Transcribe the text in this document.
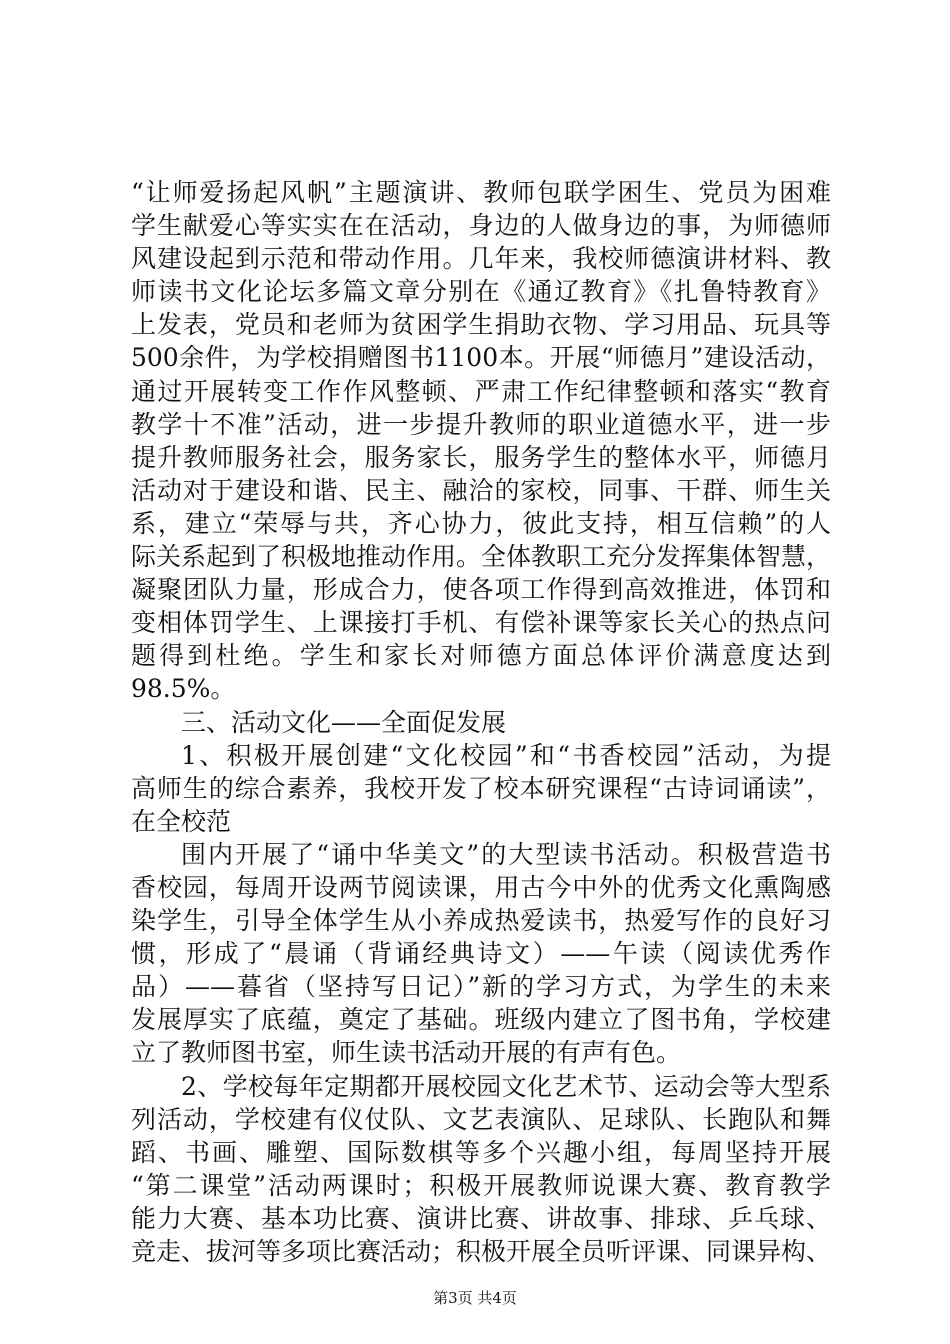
“让师爱扬起风帆”主题演讲、教师包联学困生、党员为困难
学生献爱心等实实在在活动，身边的人做身边的事，为师德师
风建设起到示范和带动作用。几年来，我校师德演讲材料、教
师读书文化论坛多篇文章分别在《通辽教育》《扎鲁特教育》
上发表，党员和老师为贫困学生捐助衣物、学习用品、玩具等
500余件，为学校捐赠图书1100本。开展“师德月”建设活动，
通过开展转变工作作风整顿、严肃工作纪律整顿和落实“教育
教学十不准”活动，进一步提升教师的职业道德水平，进一步
提升教师服务社会，服务家长，服务学生的整体水平，师德月
活动对于建设和谐、民主、融洽的家校，同事、干群、师生关
系，建立“荣辱与共，齐心协力，彼此支持，相互信赖”的人
际关系起到了积极地推动作用。全体教职工充分发挥集体智慧，
凝聚团队力量，形成合力，使各项工作得到高效推进，体罚和
变相体罚学生、上课接打手机、有偿补课等家长关心的热点问
题得到杜绝。学生和家长对师德方面总体评价满意度达到
98.5%。
三、活动文化——全面促发展
1、积极开展创建“文化校园”和“书香校园”活动，为提
高师生的综合素养，我校开发了校本研究课程“古诗词诵读”，
在全校范
围内开展了“诵中华美文”的大型读书活动。积极营造书
香校园，每周开设两节阅读课，用古今中外的优秀文化熏陶感
染学生，引导全体学生从小养成热爱读书，热爱写作的良好习
惯，形成了“晨诵（背诵经典诗文）——午读（阅读优秀作
品）——暮省（坚持写日记）”新的学习方式，为学生的未来
发展厚实了底蕴，奠定了基础。班级内建立了图书角，学校建
立了教师图书室，师生读书活动开展的有声有色。
2、学校每年定期都开展校园文化艺术节、运动会等大型系
列活动，学校建有仪仗队、文艺表演队、足球队、长跑队和舞
蹈、书画、雕塑、国际数棋等多个兴趣小组，每周坚持开展
“第二课堂”活动两课时；积极开展教师说课大赛、教育教学
能力大赛、基本功比赛、演讲比赛、讲故事、排球、乒乓球、
竞走、拔河等多项比赛活动；积极开展全员听评课、同课异构、
第3页 共4页
